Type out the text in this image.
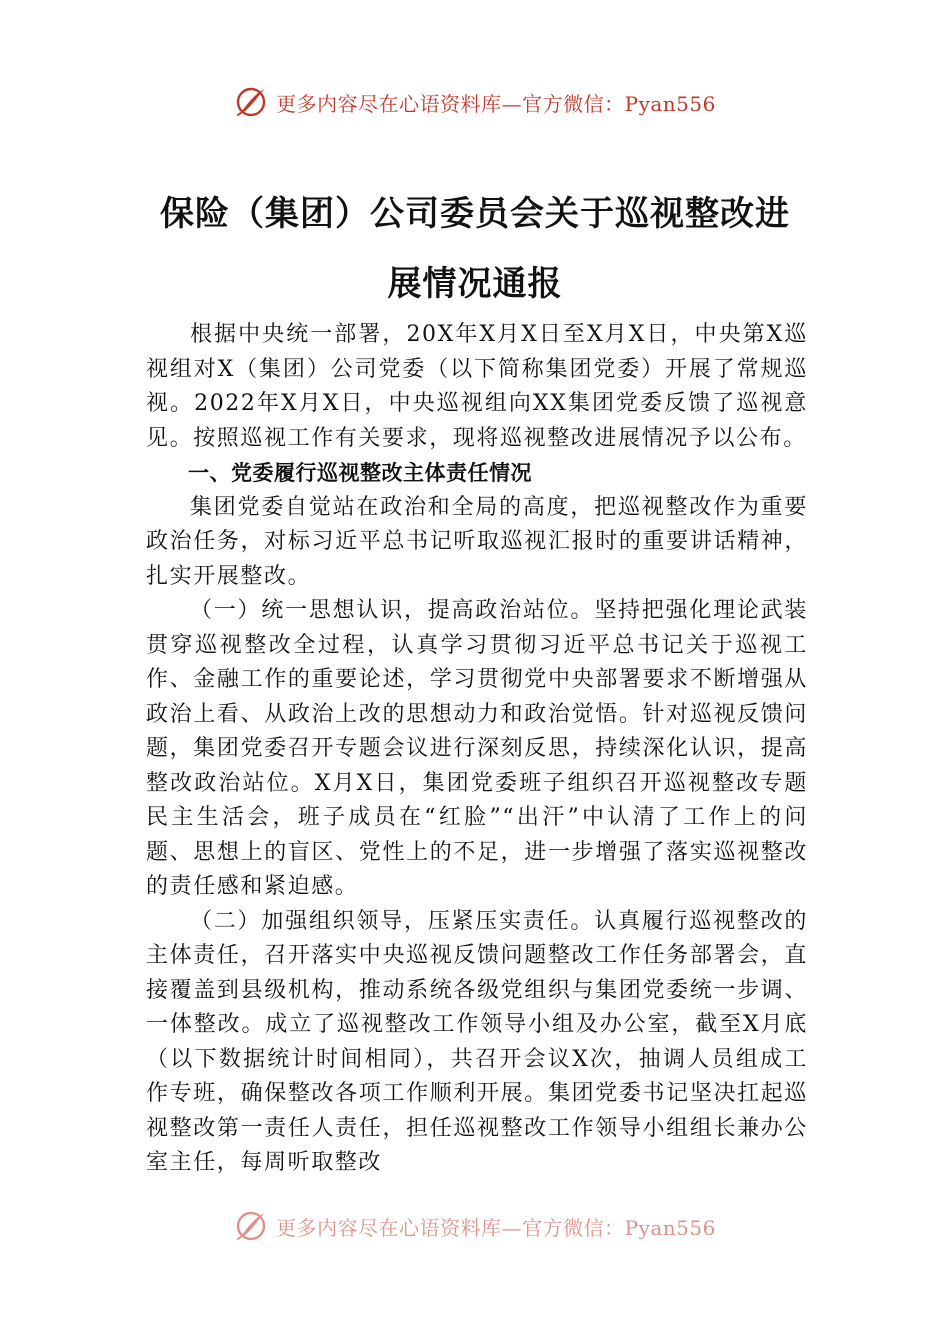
更多内容尽在心语资料库—官方微信：Pyan556
保险（集团）公司委员会关于巡视整改进
展情况通报

根据中央统一部署，20X年X月X日至X月X日，中央第X巡视组对X（集团）公司党委（以下简称集团党委）开展了常规巡视。2022年X月X日，中央巡视组向XX集团党委反馈了巡视意见。按照巡视工作有关要求，现将巡视整改进展情况予以公布。

一、党委履行巡视整改主体责任情况

集团党委自觉站在政治和全局的高度，把巡视整改作为重要政治任务，对标习近平总书记听取巡视汇报时的重要讲话精神，扎实开展整改。

（一）统一思想认识，提高政治站位。坚持把强化理论武装贯穿巡视整改全过程，认真学习贯彻习近平总书记关于巡视工作、金融工作的重要论述，学习贯彻党中央部署要求不断增强从政治上看、从政治上改的思想动力和政治觉悟。针对巡视反馈问题，集团党委召开专题会议进行深刻反思，持续深化认识，提高整改政治站位。X月X日，集团党委班子组织召开巡视整改专题民主生活会，班子成员在“红脸”“出汗”中认清了工作上的问题、思想上的盲区、党性上的不足，进一步增强了落实巡视整改的责任感和紧迫感。

（二）加强组织领导，压紧压实责任。认真履行巡视整改的主体责任，召开落实中央巡视反馈问题整改工作任务部署会，直接覆盖到县级机构，推动系统各级党组织与集团党委统一步调、一体整改。成立了巡视整改工作领导小组及办公室，截至X月底（以下数据统计时间相同），共召开会议X次，抽调人员组成工作专班，确保整改各项工作顺利开展。集团党委书记坚决扛起巡视整改第一责任人责任，担任巡视整改工作领导小组组长兼办公室主任，每周听取整改

更多内容尽在心语资料库—官方微信：Pyan556
